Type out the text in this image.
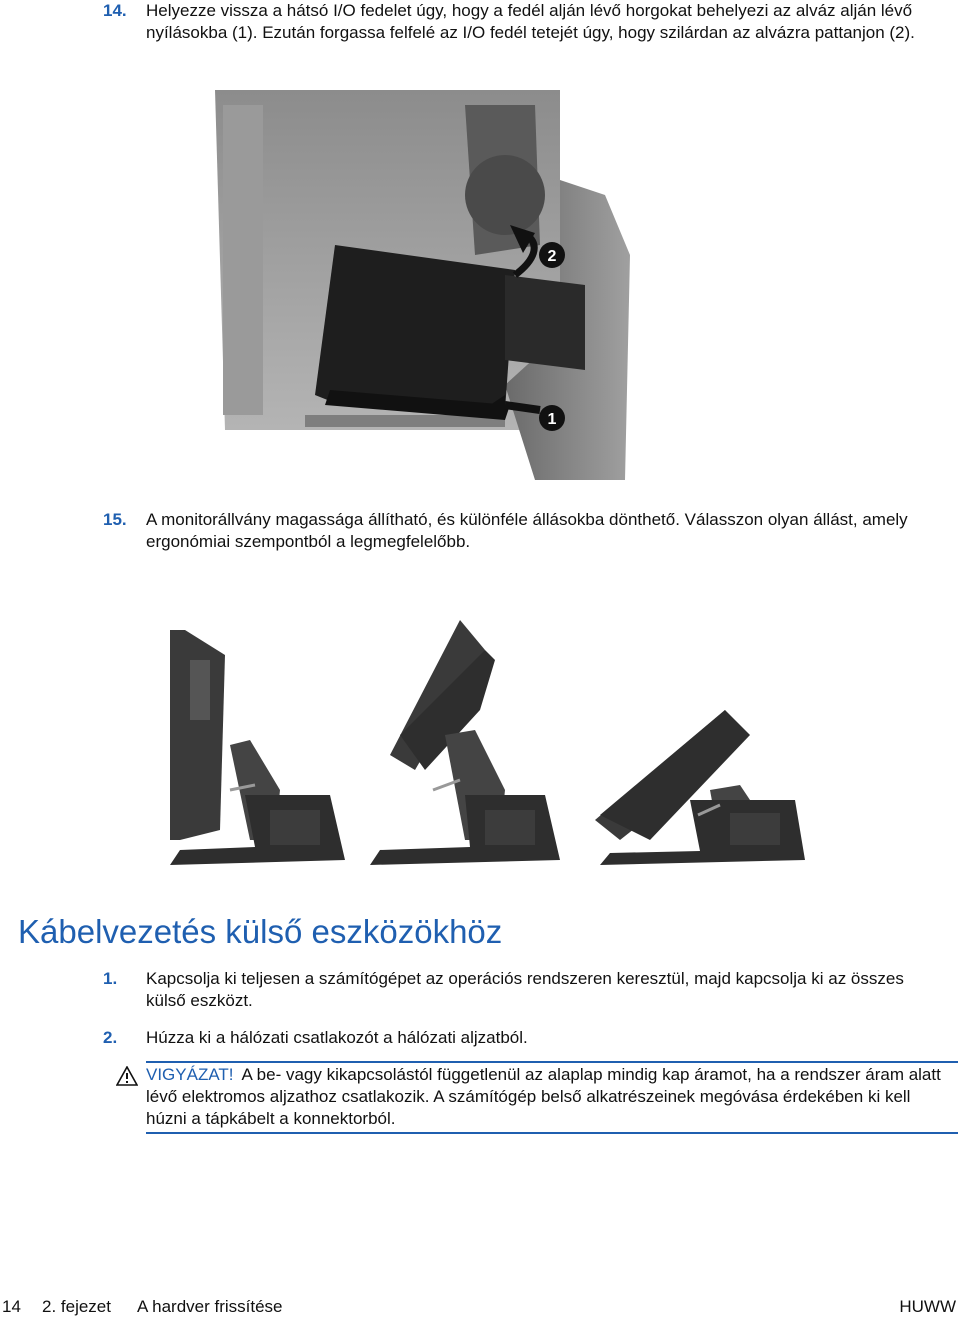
14. Helyezze vissza a hátsó I/O fedelet úgy, hogy a fedél alján lévő horgokat behelyezi az alváz alján lévő nyílásokba (1). Ezután forgassa felfelé az I/O fedél tetejét úgy, hogy szilárdan az alvázra pattanjon (2).
2
1
15. A monitorállvány magassága állítható, és különféle állásokba dönthető. Válasszon olyan állást, amely ergonómiai szempontból a legmegfelelőbb.
Kábelvezetés külső eszközökhöz
1. Kapcsolja ki teljesen a számítógépet az operációs rendszeren keresztül, majd kapcsolja ki az összes külső eszközt.
2. Húzza ki a hálózati csatlakozót a hálózati aljzatból.
VIGYÁZAT! A be- vagy kikapcsolástól függetlenül az alaplap mindig kap áramot, ha a rendszer áram alatt lévő elektromos aljzathoz csatlakozik. A számítógép belső alkatrészeinek megóvása érdekében ki kell húzni a tápkábelt a konnektorból.
14 2. fejezet A hardver frissítése	HUWW
